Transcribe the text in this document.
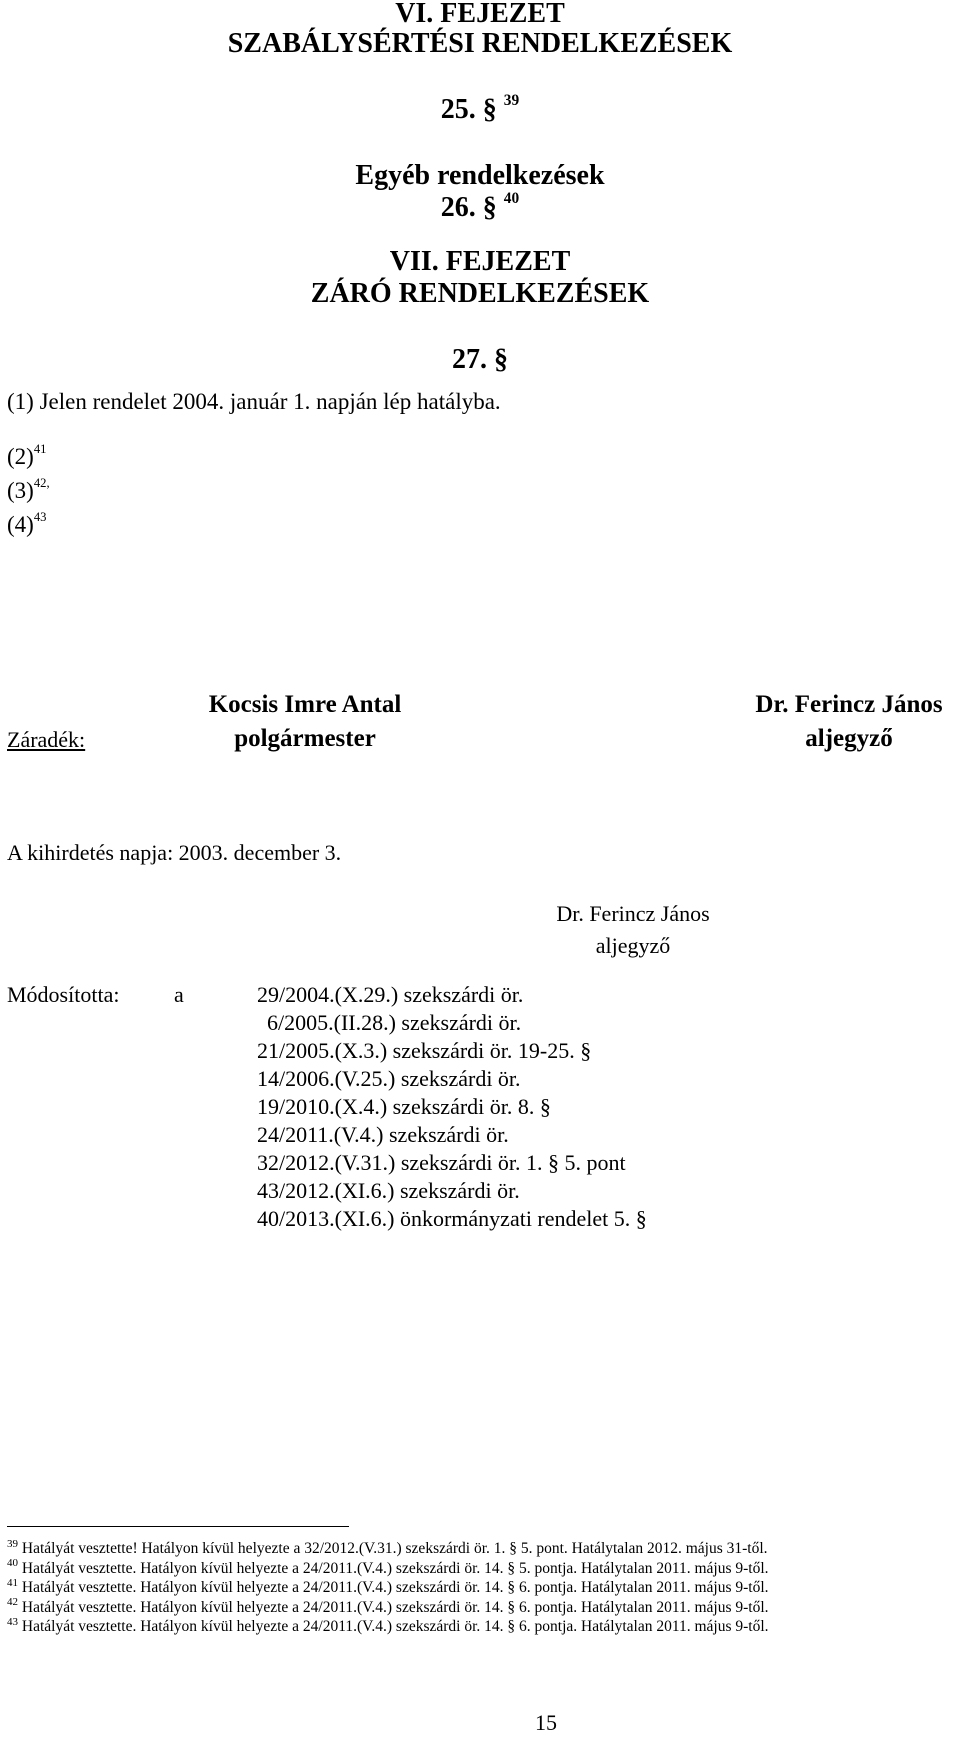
VI. FEJEZET
SZABÁLYSÉRTÉSI RENDELKEZÉSEK
25. § $^{39}$
Egyéb rendelkezések
26. § $^{40}$
VII. FEJEZET
ZÁRÓ RENDELKEZÉSEK
27. §
(1) Jelen rendelet 2004. január 1. napján lép hatályba.
$(2)^{41}$
$(3)^{42,}$
$(4)^{43}$
Kocsis Imre Antal
polgármester
Dr. Ferincz János
aljegyző
Záradék:
A kihirdetés napja: 2003. december 3.
Dr. Ferincz János
aljegyző
Módosította: a	29/2004.(X.29.) szekszárdi ör.
6/2005.(II.28.) szekszárdi ör.
21/2005.(X.3.) szekszárdi ör. 19-25. §
14/2006.(V.25.) szekszárdi ör.
19/2010.(X.4.) szekszárdi ör. 8. §
24/2011.(V.4.) szekszárdi ör.
32/2012.(V.31.) szekszárdi ör. 1. § 5. pont
43/2012.(XI.6.) szekszárdi ör.
40/2013.(XI.6.) önkormányzati rendelet 5. §
$^{39}$ Hatályát vesztette! Hatályon kívül helyezte a 32/2012.(V.31.) szekszárdi ör. 1. § 5. pont. Hatálytalan 2012. május 31-től.
$^{40}$ Hatályát vesztette. Hatályon kívül helyezte a 24/2011.(V.4.) szekszárdi ör. 14. § 5. pontja. Hatálytalan 2011. május 9-től.
$^{41}$ Hatályát vesztette. Hatályon kívül helyezte a 24/2011.(V.4.) szekszárdi ör. 14. § 6. pontja. Hatálytalan 2011. május 9-től.
$^{42}$ Hatályát vesztette. Hatályon kívül helyezte a 24/2011.(V.4.) szekszárdi ör. 14. § 6. pontja. Hatálytalan 2011. május 9-től.
$^{43}$ Hatályát vesztette. Hatályon kívül helyezte a 24/2011.(V.4.) szekszárdi ör. 14. § 6. pontja. Hatálytalan 2011. május 9-től.
15
